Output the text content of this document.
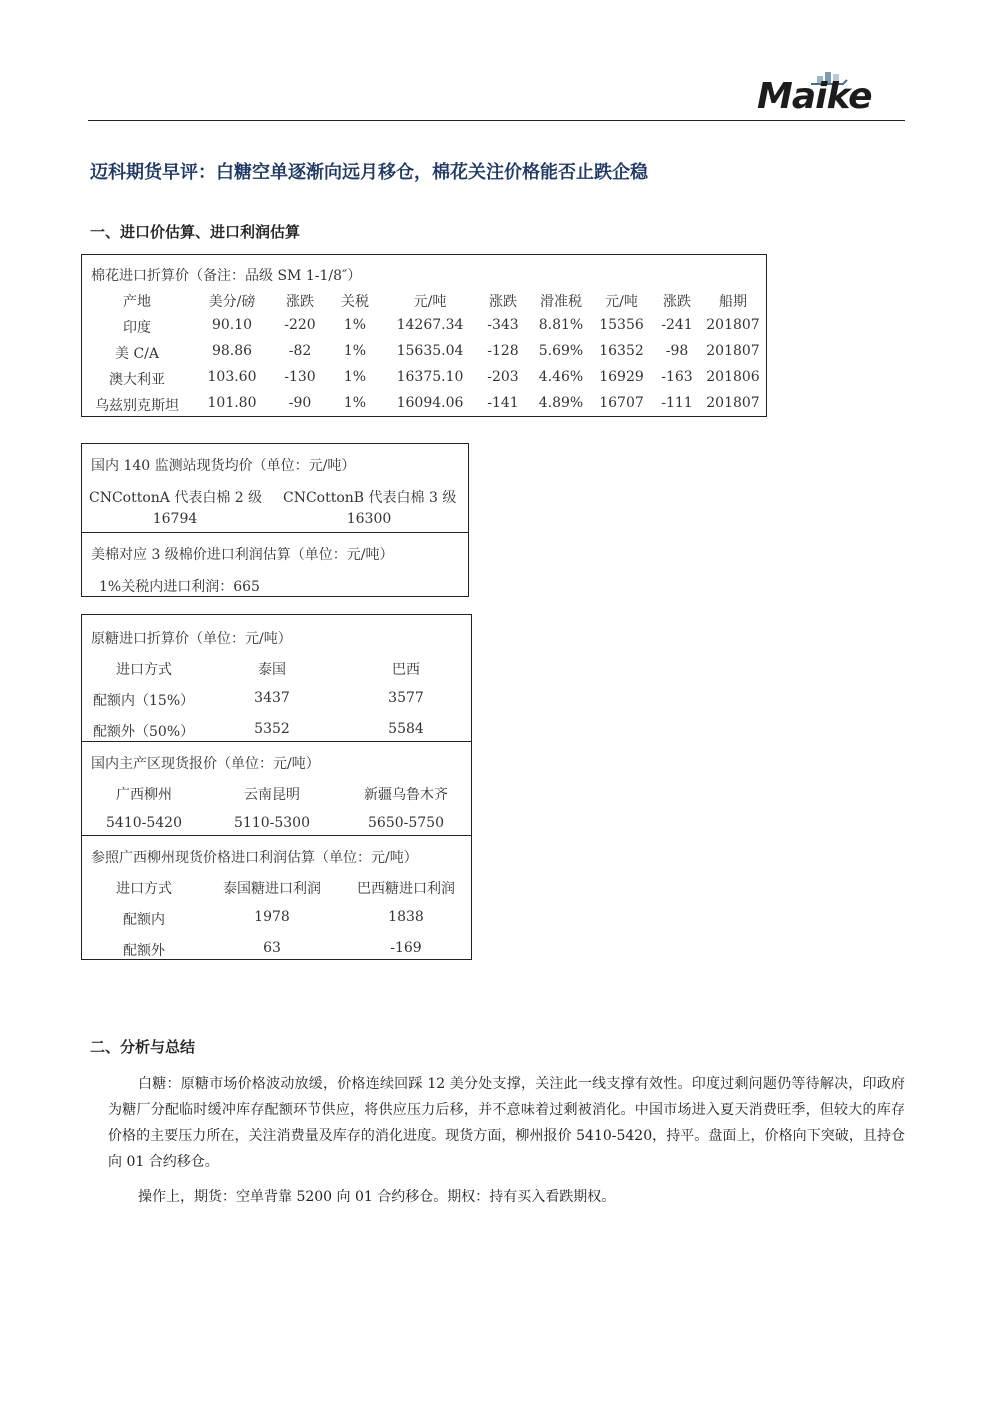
Maike
迈科期货早评：白糖空单逐渐向远月移仓，棉花关注价格能否止跌企稳
一、进口价估算、进口利润估算
棉花进口折算价（备注：品级 SM 1-1/8″）
产地	美分/磅	涨跌	关税	元/吨	涨跌	滑准税	元/吨	涨跌	船期
印度	90.10	-220	1%	14267.34	-343	8.81%	15356	-241 201807
美 C/A	98.86	-82	1%	15635.04	-128	5.69%	16352	-98	201807
澳大利亚	103.60	-130	1%	16375.10	-203	4.46%	16929	-163 201806
乌兹别克斯坦	101.80	-90	1%	16094.06	-141	4.89%	16707	-111 201807
国内 140 监测站现货均价（单位：元/吨）
CNCottonA 代表白棉 2 级 CNCottonB 代表白棉 3 级
16794	16300
美棉对应 3 级棉价进口利润估算（单位：元/吨）
1%关税内进口利润：665
原糖进口折算价（单位：元/吨）
进口方式	泰国	巴西
配额内（15%）	3437	3577
配额外（50%）	5352	5584
国内主产区现货报价（单位：元/吨）
广西柳州	云南昆明	新疆乌鲁木齐
5410-5420	5110-5300	5650-5750
参照广西柳州现货价格进口利润估算（单位：元/吨）
进口方式	泰国糖进口利润	巴西糖进口利润
配额内	1978	1838
配额外	63	-169
二、分析与总结
白糖：原糖市场价格波动放缓，价格连续回踩 12 美分处支撑，关注此一线支撑有效性。印度过剩问题仍等待解决，印政府为糖厂分配临时缓冲库存配额环节供应，将供应压力后移，并不意味着过剩被消化。中国市场进入夏天消费旺季，但较大的库存价格的主要压力所在，关注消费量及库存的消化进度。现货方面，柳州报价 5410-5420，持平。盘面上，价格向下突破，且持仓向 01 合约移仓。
操作上，期货：空单背靠 5200 向 01 合约移仓。期权：持有买入看跌期权。
